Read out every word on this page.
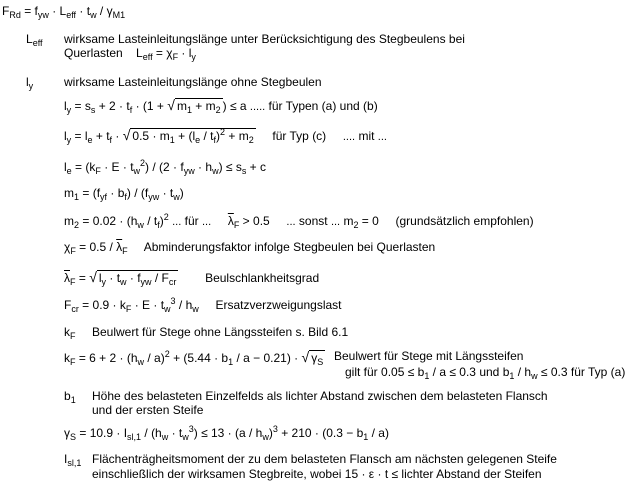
$F_{Rd} = f_{yw} \cdot L_{eff} \cdot t_w / \gamma_{M1}$
$L_{eff}$ wirksame Lasteinleitungslänge unter Berücksichtigung des Stegbeulens bei
Querlasten $L_{eff} = \chi_F \cdot l_y$
$l_y$	wirksame Lasteinleitungslänge ohne Stegbeulen
$l_y = s_s + 2 \cdot t_f \cdot (1$ + √ $m_1 + m_2$ ) ≤ a ..... für Typen (a) und (b)
$l_y = l_e + t_f$ · √ $0.5 \cdot m_1 + (l_e / t_f)^2 + m_2$ für Typ (c) .... mit ...
$l_e = (k_F \cdot E \cdot t_w^2) / (2 \cdot f_{yw} \cdot h_w) \le s_s + c$
$m_1 = (f_{yf} \cdot b_f) / (f_{yw} \cdot t_w)$
$m_2 = 0.02 \cdot (h_w / t_f)^2$ ... für ... $\overline{\lambda}_F > 0.5$ ... sonst ... $m_2 = 0$ (grundsätzlich empfohlen)
$\chi_F = 0.5 / \overline{\lambda}_F$ Abminderungsfaktor infolge Stegbeulen bei Querlasten
$\overline{\lambda}_F$ = √ $l_y \cdot t_w \cdot f_{yw} / F_{cr}$ Beulschlankheitsgrad
$F_{cr} = 0.9 \cdot k_F \cdot E \cdot t_w^3 / h_w$ Ersatzverzweigungslast
$k_F$ Beulwert für Stege ohne Längssteifen s. Bild 6.1
$k_F = 6 + 2 \cdot (h_w / a)^2 + (5.44 \cdot b_1 / a - 0.21)$ · √ $\gamma_S$ Beulwert für Stege mit Längssteifen
gilt für $0.05 \le b_1 / a \le 0.3$ und $b_1 / h_w \le 0.3$ für Typ (a)
$b_1$ Höhe des belasteten Einzelfelds als lichter Abstand zwischen dem belasteten Flansch
und der ersten Steife
$\gamma_S = 10.9 \cdot I_{sl,1} / (h_w \cdot t_w^3) \le 13 \cdot (a / h_w)^3 + 210 \cdot (0.3 - b_1 / a)$
$I_{sl,1}$ Flächenträgheitsmoment der zu dem belasteten Flansch am nächsten gelegenen Steife
einschließlich der wirksamen Stegbreite, wobei 15 · ε · t ≤ lichter Abstand der Steifen
